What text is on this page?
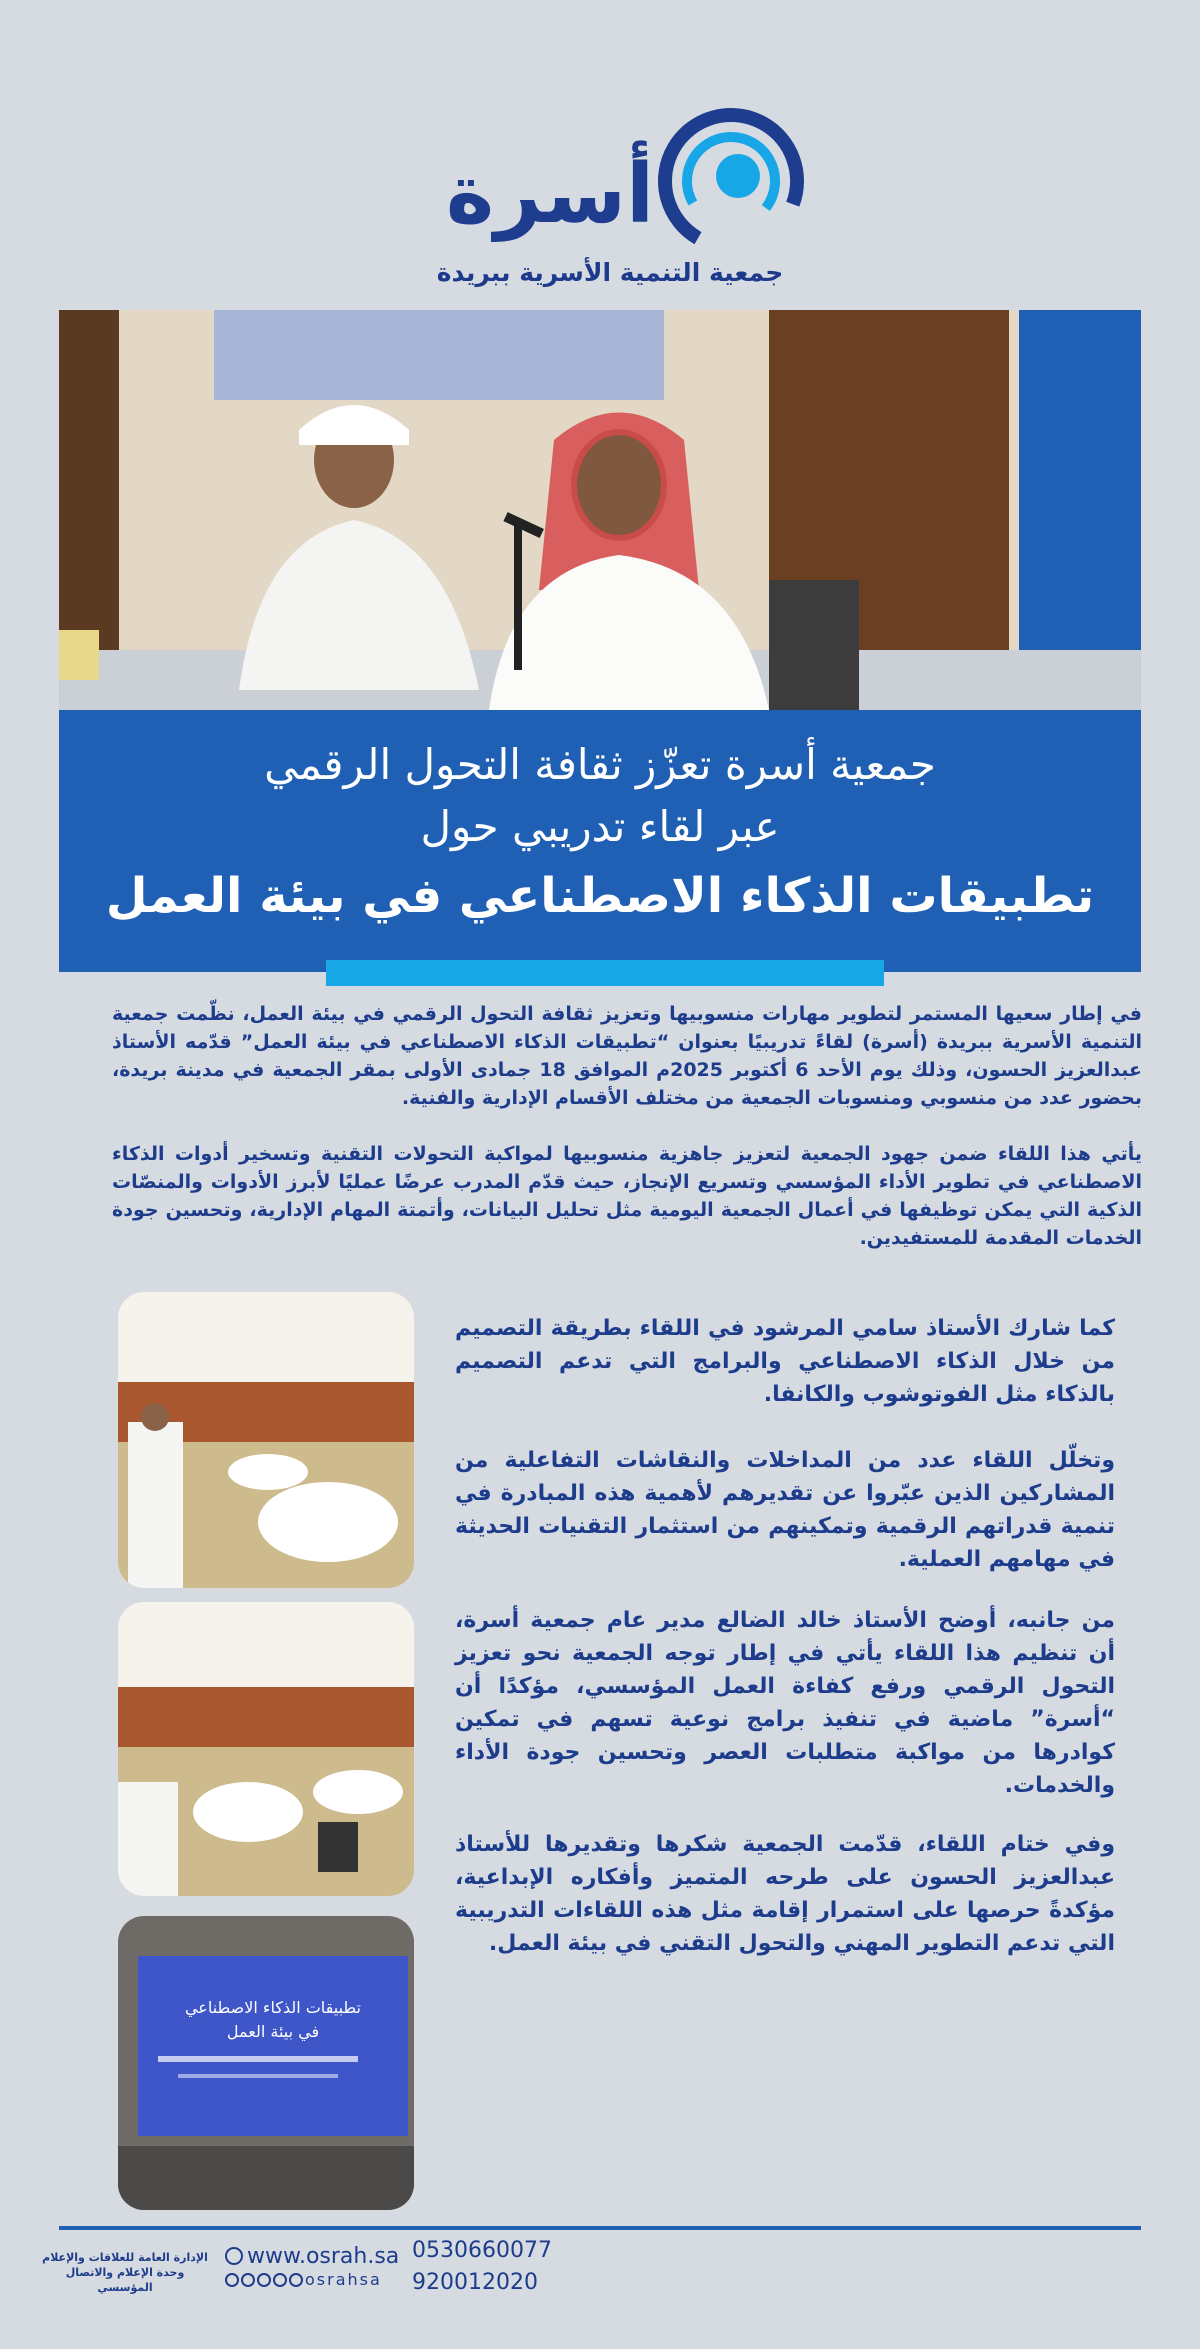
أسرة
جمعية التنمية الأسرية ببريدة
جمعية أسرة تعزّز ثقافة التحول الرقمي
عبر لقاء تدريبي حول
تطبيقات الذكاء الاصطناعي في بيئة العمل

في إطار سعيها المستمر لتطوير مهارات منسوبيها وتعزيز ثقافة التحول الرقمي في بيئة العمل، نظّمت جمعية التنمية الأسرية ببريدة (أسرة) لقاءً تدريبيًا بعنوان “تطبيقات الذكاء الاصطناعي في بيئة العمل” قدّمه الأستاذ عبدالعزيز الحسون، وذلك يوم الأحد 6 أكتوبر 2025م الموافق 18 جمادى الأولى بمقر الجمعية في مدينة بريدة، بحضور عدد من منسوبي ومنسوبات الجمعية من مختلف الأقسام الإدارية والفنية.

يأتي هذا اللقاء ضمن جهود الجمعية لتعزيز جاهزية منسوبيها لمواكبة التحولات التقنية وتسخير أدوات الذكاء الاصطناعي في تطوير الأداء المؤسسي وتسريع الإنجاز، حيث قدّم المدرب عرضًا عمليًا لأبرز الأدوات والمنصّات الذكية التي يمكن توظيفها في أعمال الجمعية اليومية مثل تحليل البيانات، وأتمتة المهام الإدارية، وتحسين جودة الخدمات المقدمة للمستفيدين.

كما شارك الأستاذ سامي المرشود في اللقاء بطريقة التصميم من خلال الذكاء الاصطناعي والبرامج التي تدعم التصميم بالذكاء مثل الفوتوشوب والكانفا.

وتخلّل اللقاء عدد من المداخلات والنقاشات التفاعلية من المشاركين الذين عبّروا عن تقديرهم لأهمية هذه المبادرة في تنمية قدراتهم الرقمية وتمكينهم من استثمار التقنيات الحديثة في مهامهم العملية.

من جانبه، أوضح الأستاذ خالد الضالع مدير عام جمعية أسرة، أن تنظيم هذا اللقاء يأتي في إطار توجه الجمعية نحو تعزيز التحول الرقمي ورفع كفاءة العمل المؤسسي، مؤكدًا أن “أسرة” ماضية في تنفيذ برامج نوعية تسهم في تمكين كوادرها من مواكبة متطلبات العصر وتحسين جودة الأداء والخدمات.

وفي ختام اللقاء، قدّمت الجمعية شكرها وتقديرها للأستاذ عبدالعزيز الحسون على طرحه المتميز وأفكاره الإبداعية، مؤكدةً حرصها على استمرار إقامة مثل هذه اللقاءات التدريبية التي تدعم التطوير المهني والتحول التقني في بيئة العمل.

تطبيقات الذكاء الاصطناعي
في بيئة العمل
الإدارة العامة للعلاقات والإعلام وحدة الإعلام والاتصال المؤسسي
www.osrah.sa
osrahsa
0530660077
920012020
